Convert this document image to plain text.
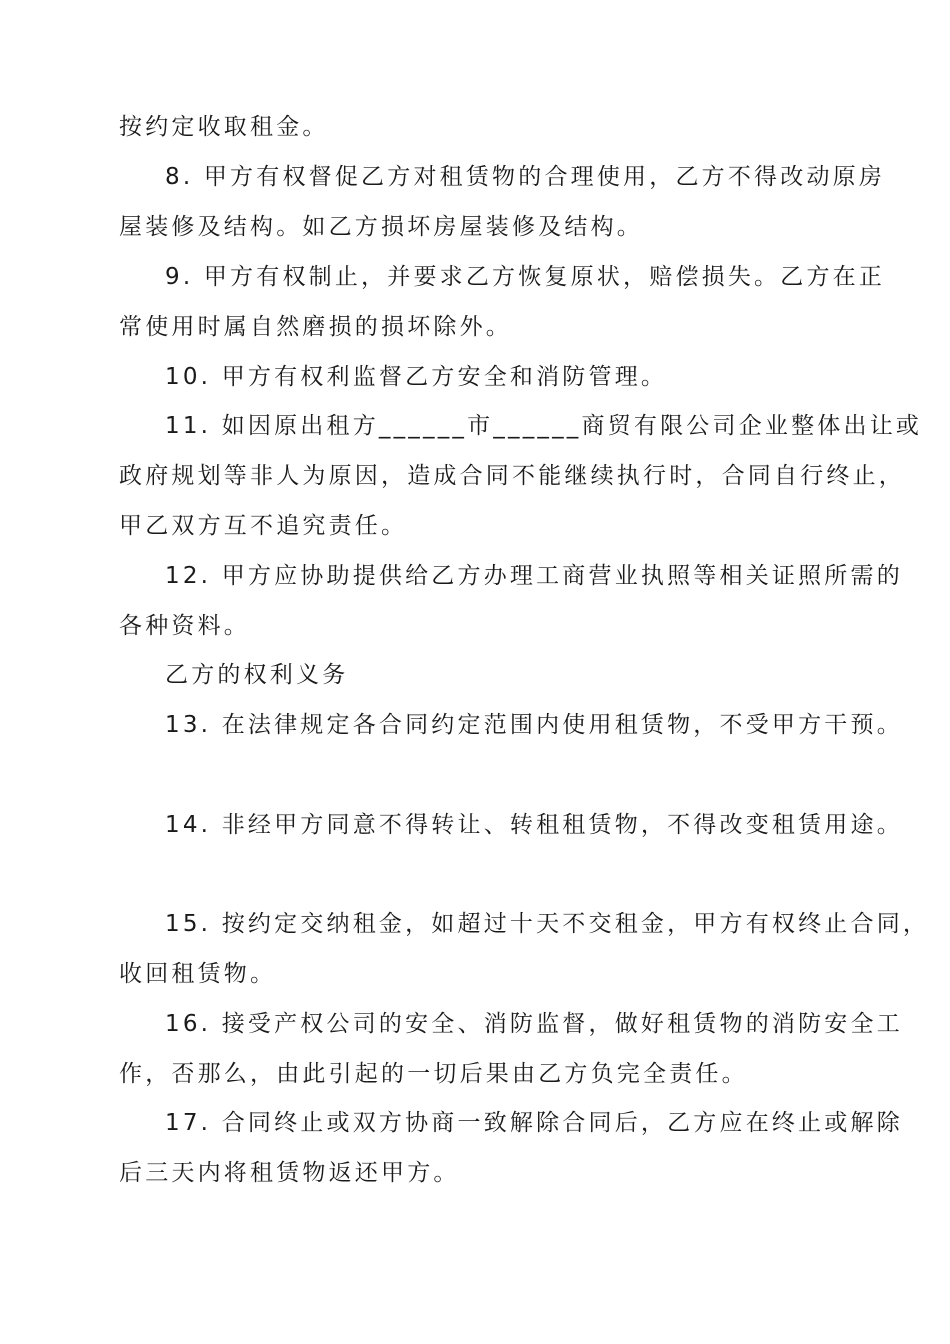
按约定收取租金。

8. 甲方有权督促乙方对租赁物的合理使用，乙方不得改动原房

屋装修及结构。如乙方损坏房屋装修及结构。

9. 甲方有权制止，并要求乙方恢复原状，赔偿损失。乙方在正

常使用时属自然磨损的损坏除外。

10. 甲方有权利监督乙方安全和消防管理。

11. 如因原出租方______市______商贸有限公司企业整体出让或

政府规划等非人为原因，造成合同不能继续执行时，合同自行终止，

甲乙双方互不追究责任。

12. 甲方应协助提供给乙方办理工商营业执照等相关证照所需的

各种资料。

乙方的权利义务

13. 在法律规定各合同约定范围内使用租赁物，不受甲方干预。

14. 非经甲方同意不得转让、转租租赁物，不得改变租赁用途。

15. 按约定交纳租金，如超过十天不交租金，甲方有权终止合同，

收回租赁物。

16. 接受产权公司的安全、消防监督，做好租赁物的消防安全工

作，否那么，由此引起的一切后果由乙方负完全责任。

17. 合同终止或双方协商一致解除合同后，乙方应在终止或解除

后三天内将租赁物返还甲方。
